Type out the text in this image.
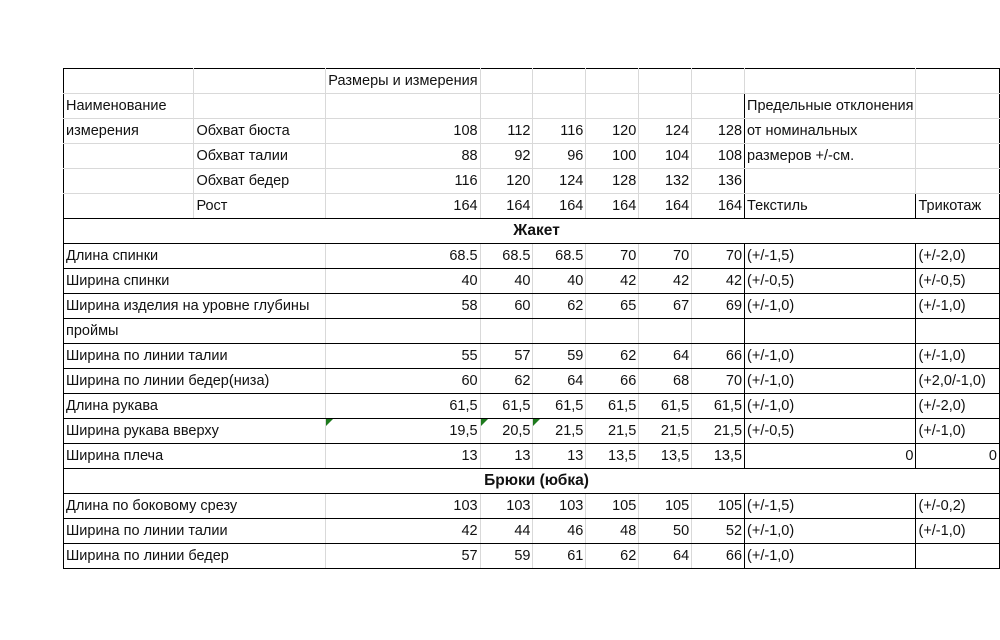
		Размеры и измерения							
Наименование								Предельные отклонения	
измерения	Обхват бюста	108	112	116	120	124	128	от номинальных	
	Обхват талии	88	92	96	100	104	108	размеров +/-см.	
	Обхват бедер	116	120	124	128	132	136		
	Рост	164	164	164	164	164	164	Текстиль	Трикотаж
Жакет									
Длина спинки		68.5	68.5	68.5	70	70	70	(+/-1,5)	(+/-2,0)
Ширина спинки		40	40	40	42	42	42	(+/-0,5)	(+/-0,5)
Ширина изделия на уровне глубины		58	60	62	65	67	69	(+/-1,0)	(+/-1,0)
проймы									
Ширина по линии талии		55	57	59	62	64	66	(+/-1,0)	(+/-1,0)
Ширина по линии бедер(низа)		60	62	64	66	68	70	(+/-1,0)	(+2,0/-1,0)
Длина рукава		61,5	61,5	61,5	61,5	61,5	61,5	(+/-1,0)	(+/-2,0)
Ширина рукава вверху		19,5	20,5	21,5	21,5	21,5	21,5	(+/-0,5)	(+/-1,0)
Ширина плеча		13	13	13	13,5	13,5	13,5	0	0
Брюки (юбка)									
Длина по боковому срезу		103	103	103	105	105	105	(+/-1,5)	(+/-0,2)
Ширина по линии талии		42	44	46	48	50	52	(+/-1,0)	(+/-1,0)
Ширина по линии бедер		57	59	61	62	64	66	(+/-1,0)	
